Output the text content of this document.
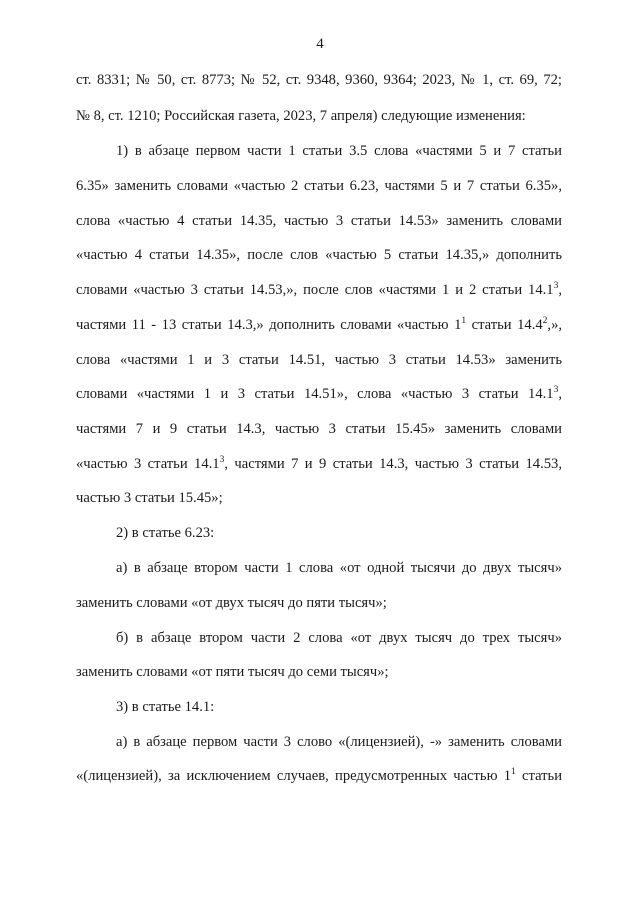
4
ст. 8331; № 50, ст. 8773; № 52, ст. 9348, 9360, 9364; 2023, № 1, ст. 69, 72;
№ 8, ст. 1210; Российская газета, 2023, 7 апреля) следующие изменения:
1) в абзаце первом части 1 статьи 3.5 слова «частями 5 и 7 статьи
6.35» заменить словами «частью 2 статьи 6.23, частями 5 и 7 статьи 6.35»,
слова «частью 4 статьи 14.35, частью 3 статьи 14.53» заменить словами
«частью 4 статьи 14.35», после слов «частью 5 статьи 14.35,» дополнить
словами «частью 3 статьи 14.53,», после слов «частями 1 и 2 статьи 14.1$^3$,
частями 11 - 13 статьи 14.3,» дополнить словами «частью $1^1$ статьи 14.4$^2$,»,
слова «частями 1 и 3 статьи 14.51, частью 3 статьи 14.53» заменить
словами «частями 1 и 3 статьи 14.51», слова «частью 3 статьи 14.1$^3$,
частями 7 и 9 статьи 14.3, частью 3 статьи 15.45» заменить словами
«частью 3 статьи 14.1$^3$, частями 7 и 9 статьи 14.3, частью 3 статьи 14.53,
частью 3 статьи 15.45»;
2) в статье 6.23:
а) в абзаце втором части 1 слова «от одной тысячи до двух тысяч»
заменить словами «от двух тысяч до пяти тысяч»;
б) в абзаце втором части 2 слова «от двух тысяч до трех тысяч»
заменить словами «от пяти тысяч до семи тысяч»;
3) в статье 14.1:
а) в абзаце первом части 3 слово «(лицензией), -» заменить словами
«(лицензией), за исключением случаев, предусмотренных частью $1^1$ статьи
